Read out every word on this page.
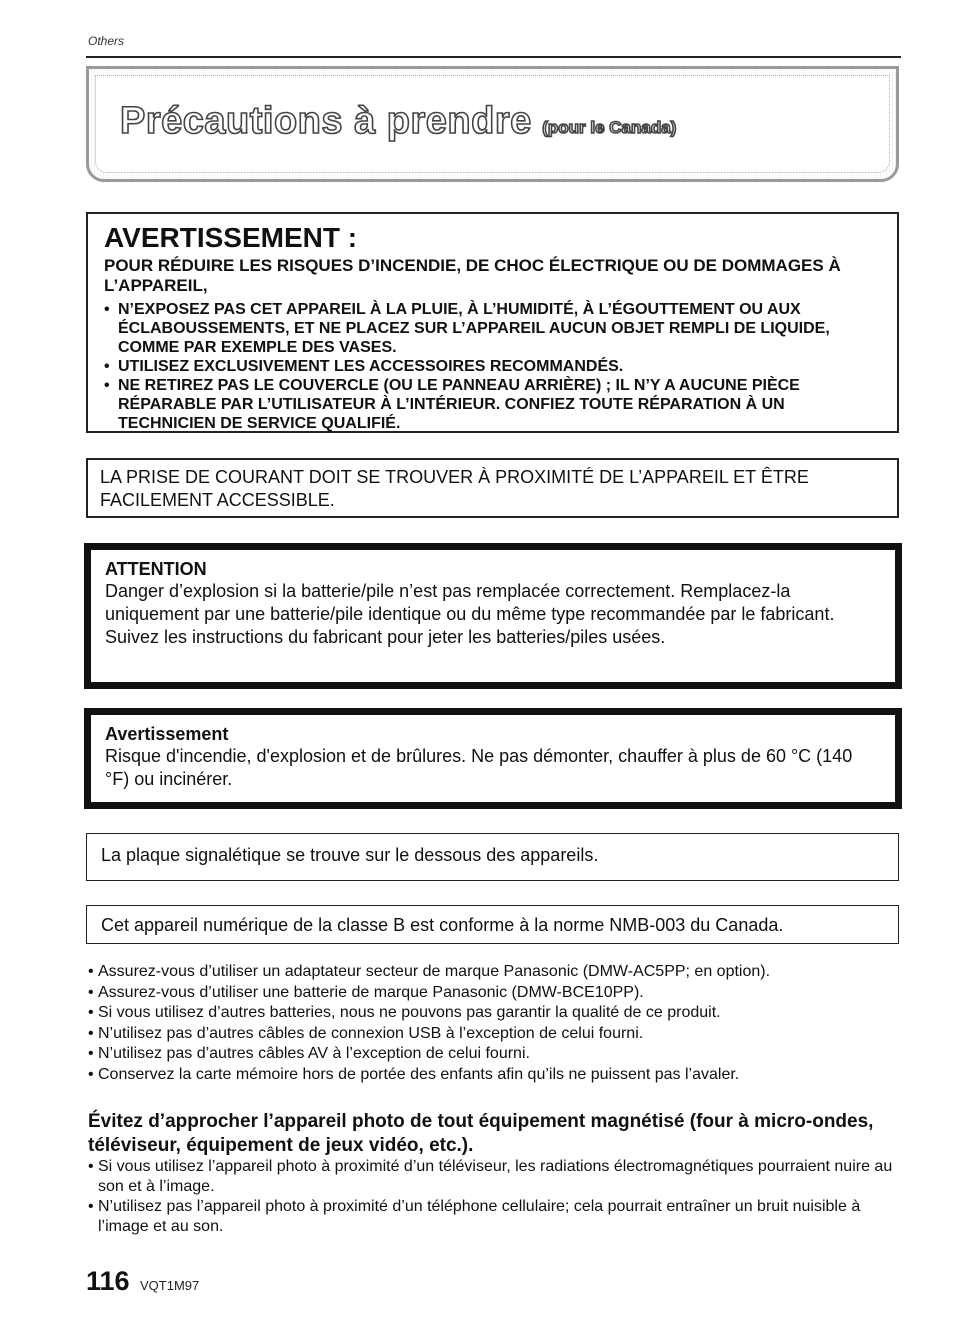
Others
Précautions à prendre (pour le Canada)
AVERTISSEMENT :
POUR RÉDUIRE LES RISQUES D’INCENDIE, DE CHOC ÉLECTRIQUE OU DE DOMMAGES À L’APPAREIL,
• N’EXPOSEZ PAS CET APPAREIL À LA PLUIE, À L’HUMIDITÉ, À L’ÉGOUTTEMENT OU AUX ÉCLABOUSSEMENTS, ET NE PLACEZ SUR L’APPAREIL AUCUN OBJET REMPLI DE LIQUIDE, COMME PAR EXEMPLE DES VASES.
• UTILISEZ EXCLUSIVEMENT LES ACCESSOIRES RECOMMANDÉS.
• NE RETIREZ PAS LE COUVERCLE (OU LE PANNEAU ARRIÈRE) ; IL N’Y A AUCUNE PIÈCE RÉPARABLE PAR L’UTILISATEUR À L’INTÉRIEUR. CONFIEZ TOUTE RÉPARATION À UN TECHNICIEN DE SERVICE QUALIFIÉ.
LA PRISE DE COURANT DOIT SE TROUVER À PROXIMITÉ DE L’APPAREIL ET ÊTRE FACILEMENT ACCESSIBLE.
ATTENTION
Danger d’explosion si la batterie/pile n’est pas remplacée correctement. Remplacez-la uniquement par une batterie/pile identique ou du même type recommandée par le fabricant.
Suivez les instructions du fabricant pour jeter les batteries/piles usées.
Avertissement
Risque d'incendie, d'explosion et de brûlures. Ne pas démonter, chauffer à plus de 60 °C (140 °F) ou incinérer.
La plaque signalétique se trouve sur le dessous des appareils.
Cet appareil numérique de la classe B est conforme à la norme NMB-003 du Canada.
• Assurez-vous d’utiliser un adaptateur secteur de marque Panasonic (DMW-AC5PP; en option).
• Assurez-vous d’utiliser une batterie de marque Panasonic (DMW-BCE10PP).
• Si vous utilisez d’autres batteries, nous ne pouvons pas garantir la qualité de ce produit.
• N’utilisez pas d’autres câbles de connexion USB à l’exception de celui fourni.
• N’utilisez pas d’autres câbles AV à l’exception de celui fourni.
• Conservez la carte mémoire hors de portée des enfants afin qu’ils ne puissent pas l’avaler.
Évitez d’approcher l’appareil photo de tout équipement magnétisé (four à micro-ondes, téléviseur, équipement de jeux vidéo, etc.).
• Si vous utilisez l’appareil photo à proximité d’un téléviseur, les radiations électromagnétiques pourraient nuire au son et à l’image.
• N’utilisez pas l’appareil photo à proximité d’un téléphone cellulaire; cela pourrait entraîner un bruit nuisible à l’image et au son.
116 VQT1M97
